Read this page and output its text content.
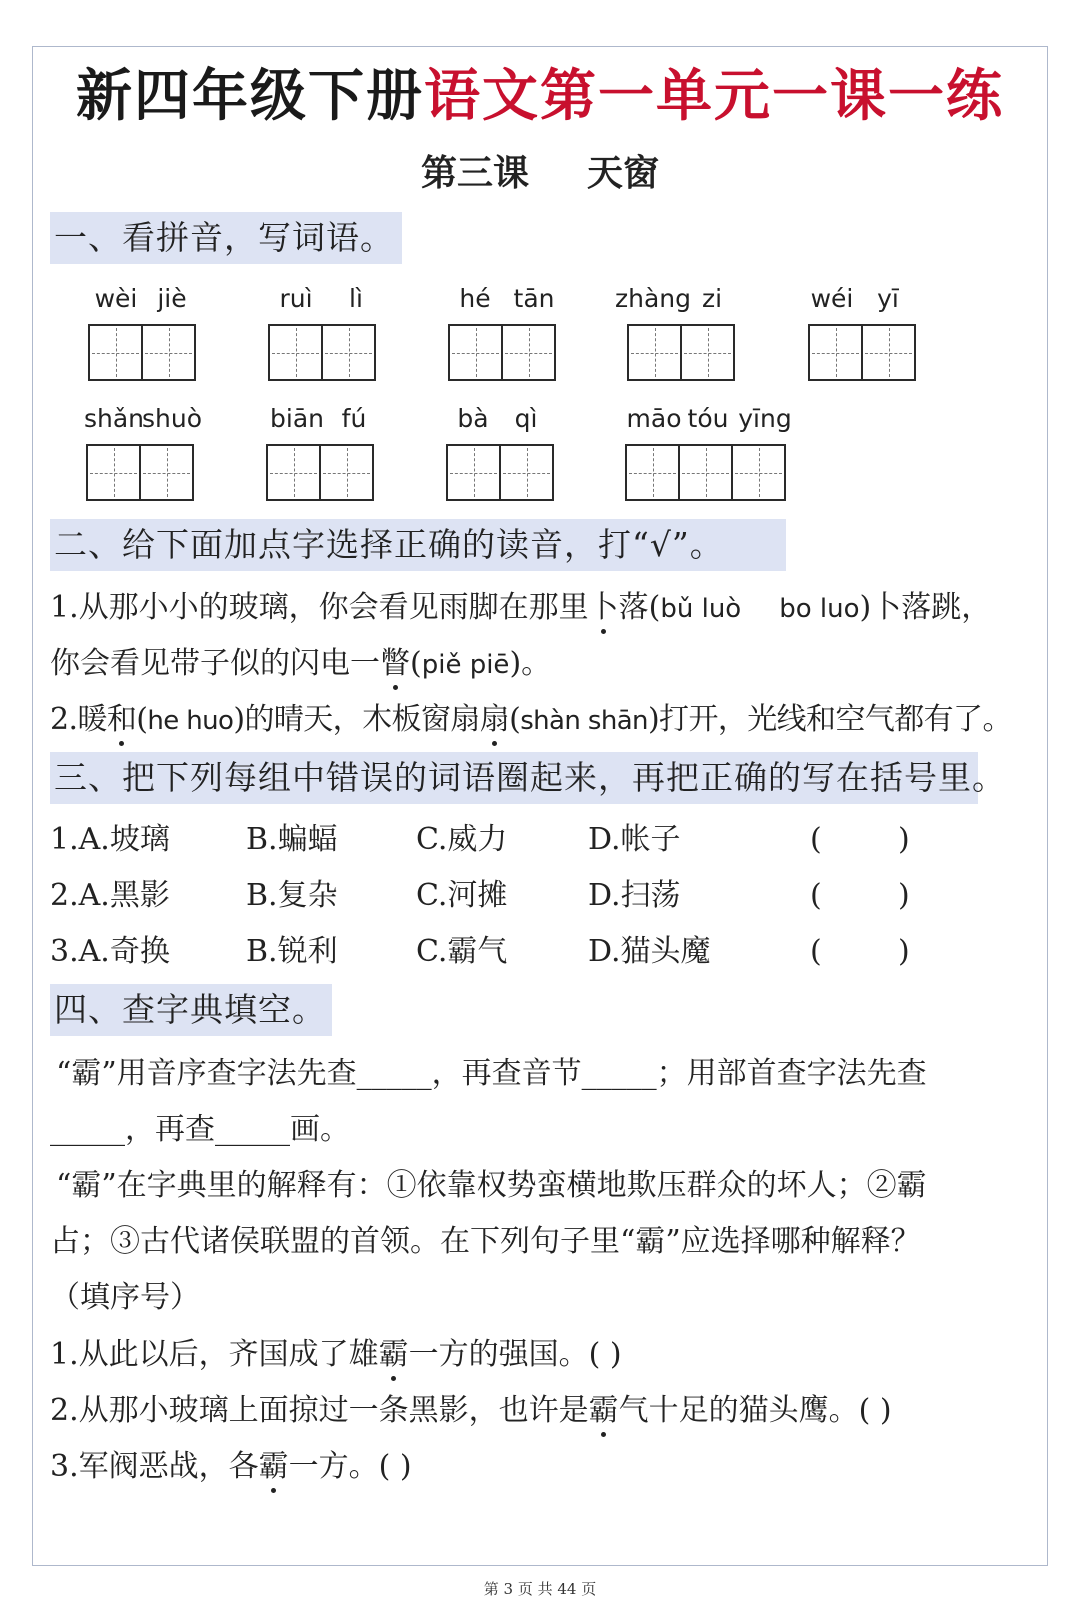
新四年级下册语文第一单元一课一练
第三课 天窗
一、看拼音，写词语。
wèi jiè	ruì lì	hé tān zhàng zi	wéi yī
shǎn
shuò	biān fú	bà qì	māo tóu yīng
二、给下面加点字选择正确的读音，打“√”。
1.从那小小的玻璃，你会看见雨脚在那里卜落(bǔ luò bo luo)卜落跳，
你会看见带子似的闪电一瞥(piě piē)。
2.暖和(he huo)的晴天，木板窗扇扇(shàn shān)打开，光线和空气都有了。
三、把下列每组中错误的词语圈起来，再把正确的写在括号里。
1.A.坡璃	B.蝙蝠	C.威力	D.帐子	(	)
2.A.黑影	B.复杂	C.河摊	D.扫荡	(	)
3.A.奇换	B.锐利	C.霸气	D.猫头魔	(	)
四、查字典填空。
“霸”用音序查字法先查_____，再查音节_____；用部首查字法先查
_____，再查_____画。
“霸”在字典里的解释有：①依靠权势蛮横地欺压群众的坏人；②霸
占；③古代诸侯联盟的首领。在下列句子里“霸”应选择哪种解释？
（填序号）
1.从此以后，齐国成了雄霸一方的强国。( )
2.从那小玻璃上面掠过一条黑影，也许是霸气十足的猫头鹰。( )
3.军阀恶战，各霸一方。( )
第 3 页 共 44 页
